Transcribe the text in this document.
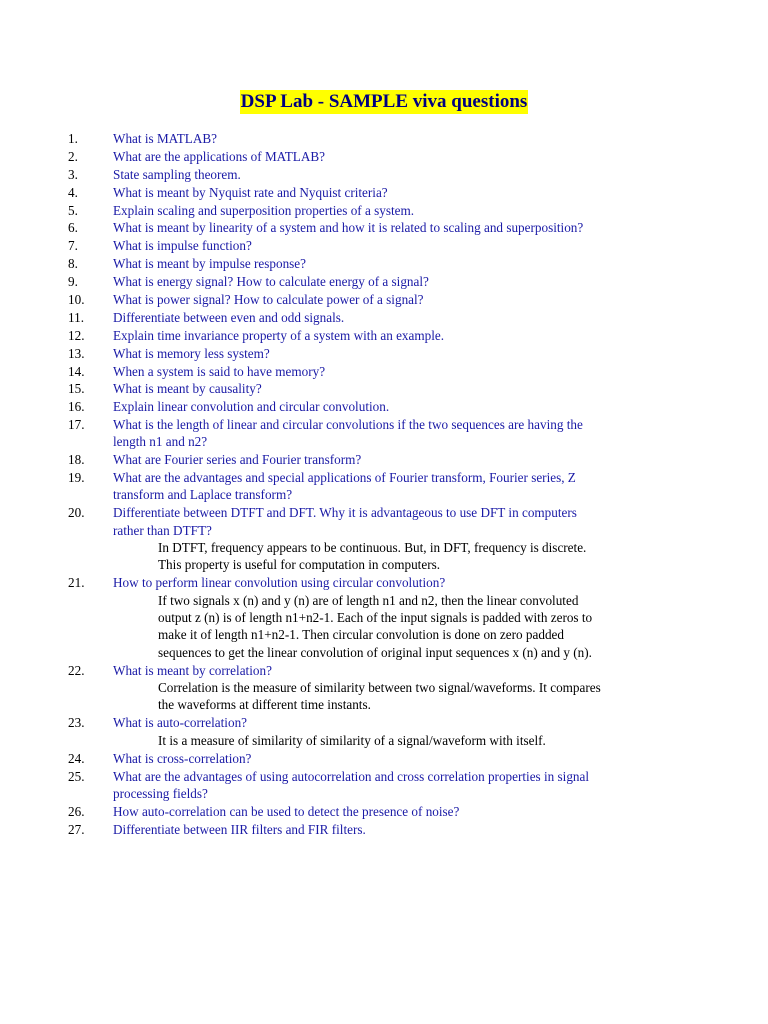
DSP Lab - SAMPLE viva questions
1.	What is MATLAB?
2.	What are the applications of MATLAB?
3.	State sampling theorem.
4.	What is meant by Nyquist rate and Nyquist criteria?
5.	Explain scaling and superposition properties of a system.
6.	What is meant by linearity of a system and how it is related to scaling and superposition?
7.	What is impulse function?
8.	What is meant by impulse response?
9.	What is energy signal? How to calculate energy of a signal?
10.	What is power signal? How to calculate power of a signal?
11.	Differentiate between even and odd signals.
12.	Explain time invariance property of a system with an example.
13.	What is memory less system?
14.	When a system is said to have memory?
15.	What is meant by causality?
16.	Explain linear convolution and circular convolution.
17.	What is the length of linear and circular convolutions if the two sequences are having the
length n1 and n2?
18.	What are Fourier series and Fourier transform?
19.	What are the advantages and special applications of Fourier transform, Fourier series, Z
transform and Laplace transform?
20.	Differentiate between DTFT and DFT. Why it is advantageous to use DFT in computers
rather than DTFT?
In DTFT, frequency appears to be continuous. But, in DFT, frequency is discrete.
This property is useful for computation in computers.
21.	How to perform linear convolution using circular convolution?
If two signals x (n) and y (n) are of length n1 and n2, then the linear convoluted
output z (n) is of length n1+n2-1. Each of the input signals is padded with zeros to
make it of length n1+n2-1. Then circular convolution is done on zero padded
sequences to get the linear convolution of original input sequences x (n) and y (n).
22.	What is meant by correlation?
Correlation is the measure of similarity between two signal/waveforms. It compares
the waveforms at different time instants.
23.	What is auto-correlation?
It is a measure of similarity of similarity of a signal/waveform with itself.
24.	What is cross-correlation?
25.	What are the advantages of using autocorrelation and cross correlation properties in signal
processing fields?
26.	How auto-correlation can be used to detect the presence of noise?
27.	Differentiate between IIR filters and FIR filters.
